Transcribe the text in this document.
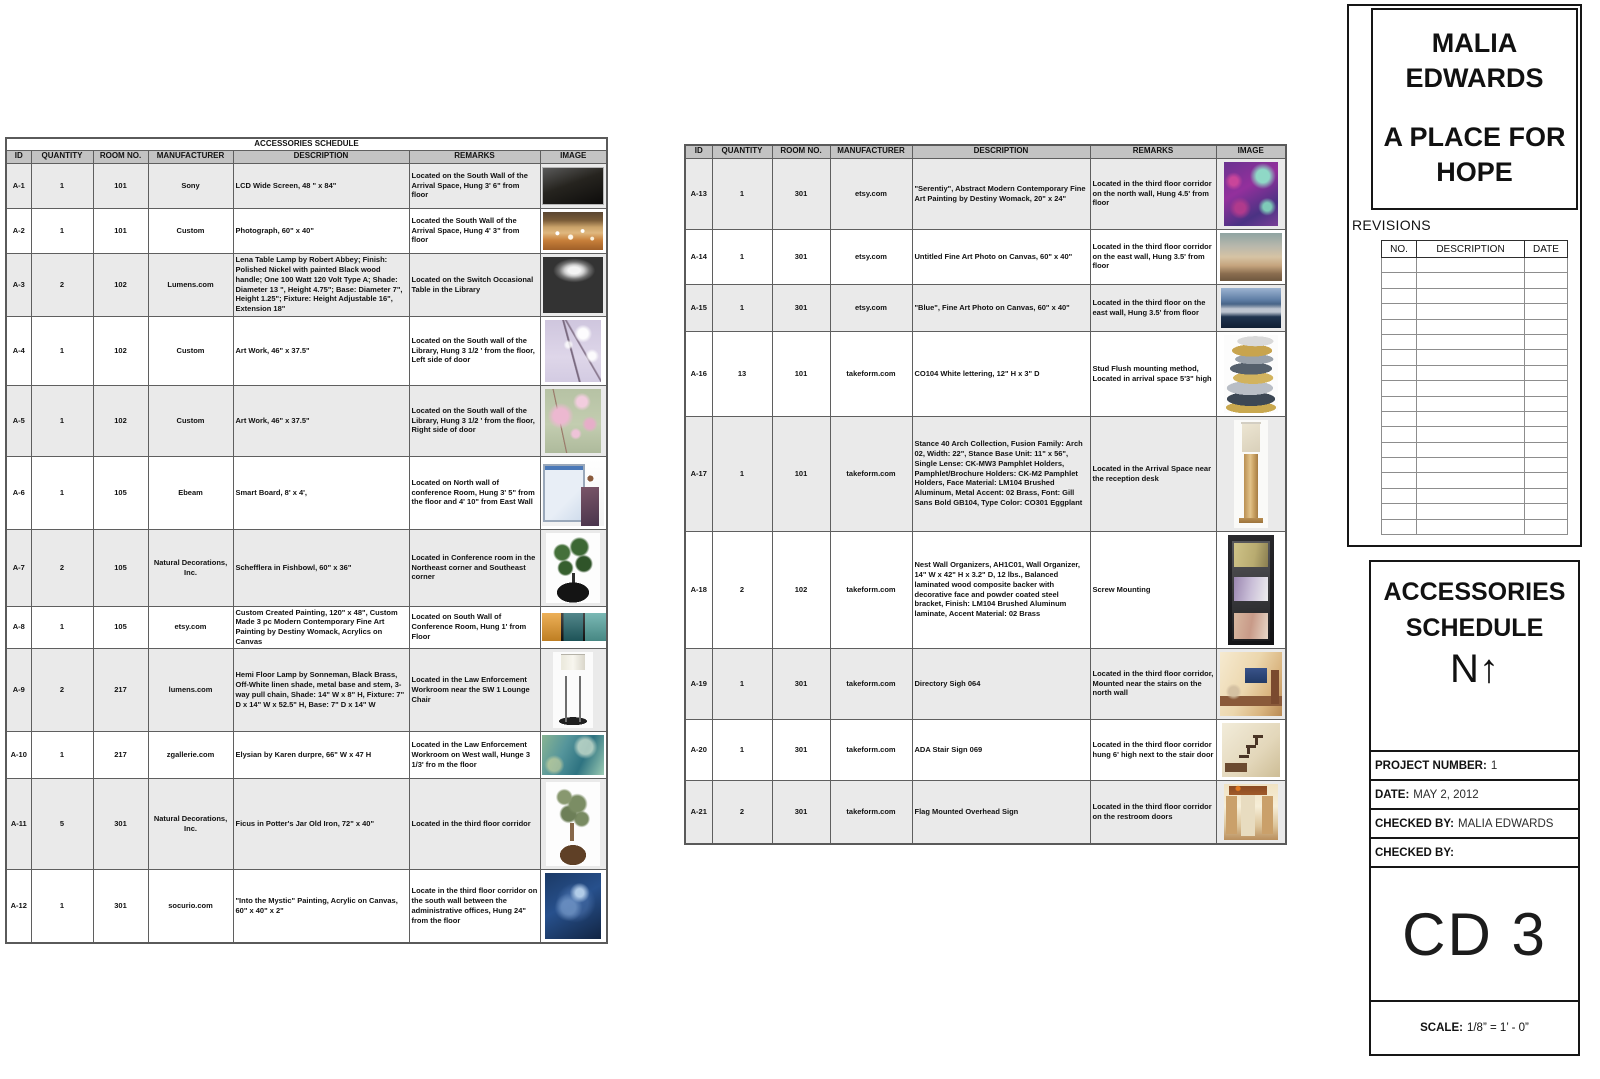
ACCESSORIES SCHEDULE						
ID	QUANTITY	ROOM NO.	MANUFACTURER	DESCRIPTION	REMARKS	IMAGE
A-1	1	101	Sony	LCD Wide Screen, 48 " x 84"	Located on the South Wall of the Arrival Space, Hung 3' 6" from floor	

A-2	1	101	Custom	Photograph, 60" x 40"	Located the South Wall of the Arrival Space, Hung 4' 3" from floor	

A-3	2	102	Lumens.com	Lena Table Lamp by Robert Abbey; Finish: Polished Nickel with painted Black wood handle; One 100 Watt 120 Volt Type A; Shade: Diameter 13 ", Height 4.75"; Base: Diameter 7", Height 1.25"; Fixture: Height Adjustable 16", Extension 18"	Located on the Switch Occasional Table in the Library	

A-4	1	102	Custom	Art Work, 46" x 37.5"	Located on the South wall of the Library, Hung 3 1/2 ' from the floor, Left side of door	

A-5	1	102	Custom	Art Work, 46" x 37.5"	Located on the South wall of the Library, Hung 3 1/2 ' from the floor, Right side of door	

A-6	1	105	Ebeam	Smart Board, 8' x 4',	Located on North wall of conference Room, Hung 3' 5" from the floor and 4' 10" from East Wall	

A-7	2	105	Natural Decorations, Inc.	Schefflera in Fishbowl, 60" x 36"	Located in Conference room in the Northeast corner and Southeast corner	

A-8	1	105	etsy.com	Custom Created Painting, 120" x 48", Custom Made 3 pc Modern Contemporary Fine Art Painting by Destiny Womack, Acrylics on Canvas	Located on South Wall of Conference Room, Hung 1' from Floor	

A-9	2	217	lumens.com	Hemi Floor Lamp by Sonneman, Black Brass, Off-White linen shade, metal base and stem, 3-way pull chain, Shade: 14" W x 8" H, Fixture: 7" D x 14" W x 52.5" H, Base: 7" D x 14" W	Located in the Law Enforcement Workroom near the SW 1 Lounge Chair	

A-10	1	217	zgallerie.com	Elysian by Karen durpre, 66" W x 47 H	Located in the Law Enforcement Workroom on West wall, Hunge 3 1/3' fro m the floor	

A-11	5	301	Natural Decorations, Inc.	Ficus in Potter's Jar Old Iron, 72" x 40"	Located in the third floor corridor	

A-12	1	301	socurio.com	"Into the Mystic" Painting, Acrylic on Canvas, 60" x 40" x 2"	Locate in the third floor corridor on the south wall between the administrative offices, Hung 24" from the floor	
ID	QUANTITY	ROOM NO.	MANUFACTURER	DESCRIPTION	REMARKS	IMAGE
A-13	1	301	etsy.com	"Serentiy", Abstract Modern Contemporary Fine Art Painting by Destiny Womack, 20" x 24"	Located in the third floor corridor on the north wall, Hung 4.5' from floor	

A-14	1	301	etsy.com	Untitled Fine Art Photo on Canvas, 60" x 40"	Located in the third floor corridor on the east wall, Hung 3.5' from floor	

A-15	1	301	etsy.com	"Blue", Fine Art Photo on Canvas, 60" x 40"	Located in the third floor on the east wall, Hung 3.5' from floor	

A-16	13	101	takeform.com	CO104 White lettering, 12" H x 3" D	Stud Flush mounting method, Located in arrival space 5'3" high	

A-17	1	101	takeform.com	Stance 40 Arch Collection, Fusion Family: Arch 02, Width: 22", Stance Base Unit: 11" x 56", Single Lense: CK-MW3 Pamphlet Holders, Pamphlet/Brochure Holders: CK-M2 Pamphlet Holders, Face Material: LM104 Brushed Aluminum, Metal Accent: 02 Brass, Font: Gill Sans Bold GB104, Type Color: CO301 Eggplant	Located in the Arrival Space near the reception desk	

A-18	2	102	takeform.com	Nest Wall Organizers, AH1C01, Wall Organizer, 14" W x 42" H x 3.2" D, 12 lbs., Balanced laminated wood composite backer with decorative face and powder coated steel bracket, Finish: LM104 Brushed Aluminum laminate, Accent Material: 02 Brass	Screw Mounting	

A-19	1	301	takeform.com	Directory Sigh 064	Located in the third floor corridor, Mounted near the stairs on the north wall	

A-20	1	301	takeform.com	ADA Stair Sign 069	Located in the third floor corridor hung 6' high next to the stair door	

A-21	2	301	takeform.com	Flag Mounted Overhead Sign	Located in the third floor corridor on the restroom doors	
MALIA EDWARDS
A PLACE FOR HOPE
REVISIONS
NO.	DESCRIPTION	DATE

ACCESSORIES SCHEDULE
N↑
PROJECT NUMBER: 1
DATE: MAY 2, 2012
CHECKED BY: MALIA EDWARDS
CHECKED BY:
CD 3
SCALE: 1/8” = 1’ - 0”
